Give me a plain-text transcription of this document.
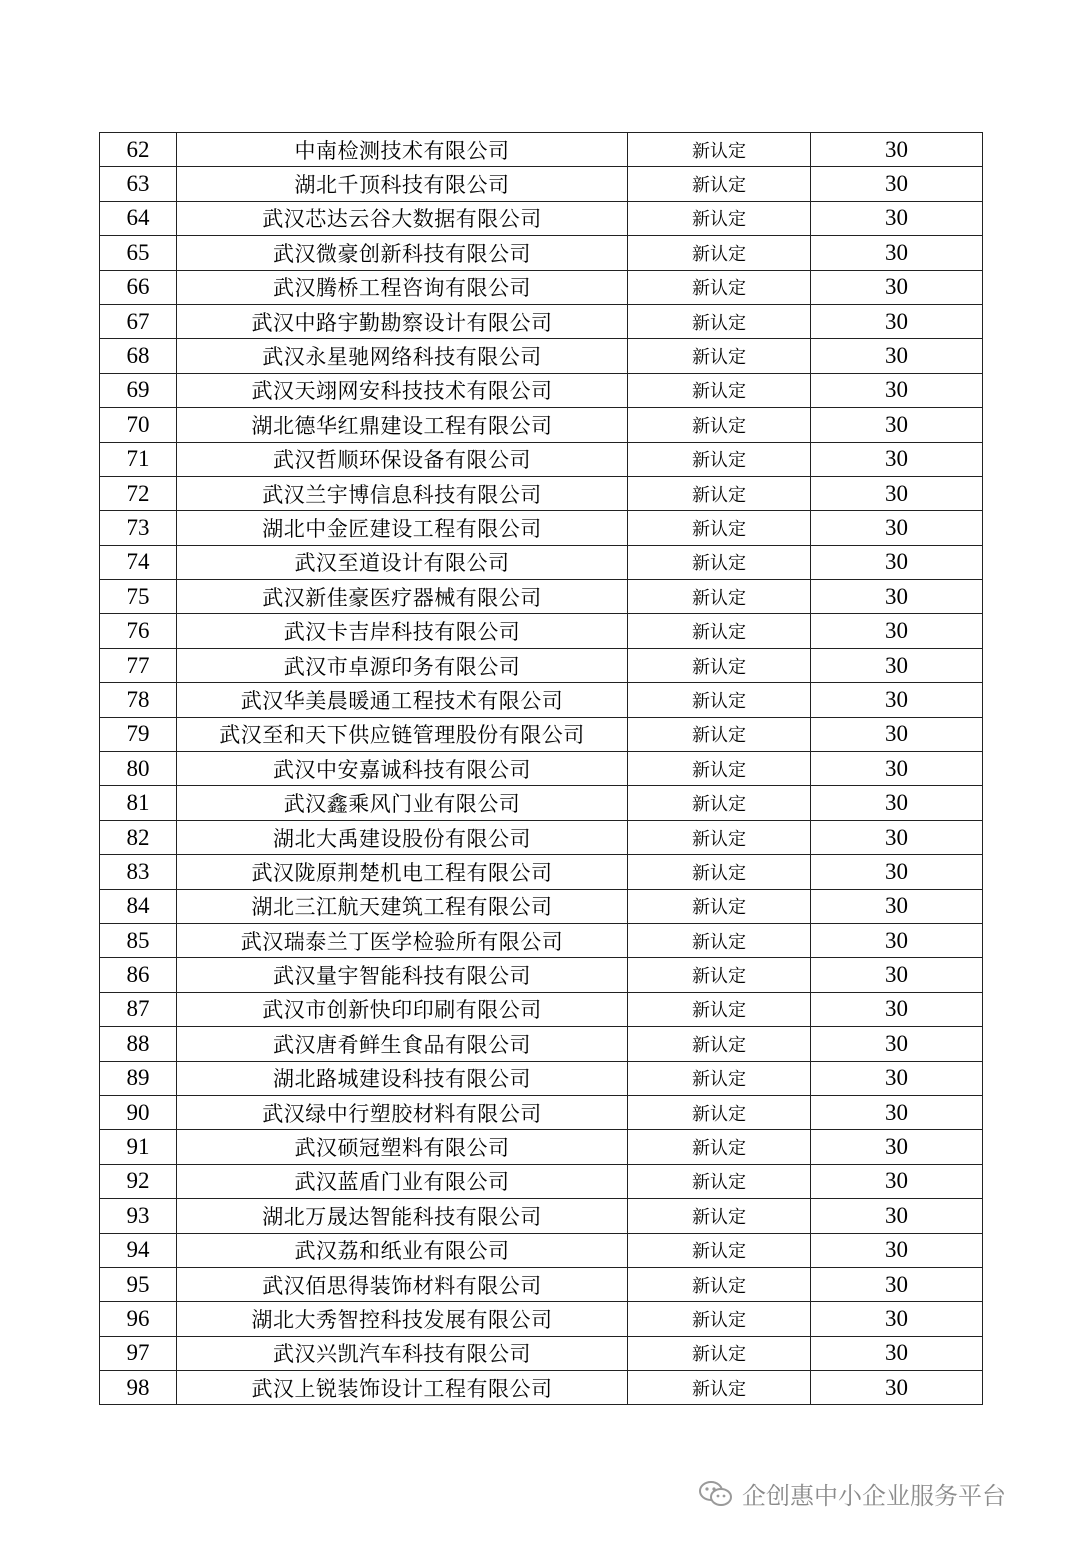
62	中南检测技术有限公司	新认定	30
63	湖北千顶科技有限公司	新认定	30
64	武汉芯达云谷大数据有限公司	新认定	30
65	武汉微豪创新科技有限公司	新认定	30
66	武汉腾桥工程咨询有限公司	新认定	30
67	武汉中路宇勤勘察设计有限公司	新认定	30
68	武汉永星驰网络科技有限公司	新认定	30
69	武汉天翊网安科技技术有限公司	新认定	30
70	湖北德华红鼎建设工程有限公司	新认定	30
71	武汉哲顺环保设备有限公司	新认定	30
72	武汉兰宇博信息科技有限公司	新认定	30
73	湖北中金匠建设工程有限公司	新认定	30
74	武汉至道设计有限公司	新认定	30
75	武汉新佳豪医疗器械有限公司	新认定	30
76	武汉卡吉岸科技有限公司	新认定	30
77	武汉市卓源印务有限公司	新认定	30
78	武汉华美晨暖通工程技术有限公司	新认定	30
79	武汉至和天下供应链管理股份有限公司	新认定	30
80	武汉中安嘉诚科技有限公司	新认定	30
81	武汉鑫乘风门业有限公司	新认定	30
82	湖北大禹建设股份有限公司	新认定	30
83	武汉陇原荆楚机电工程有限公司	新认定	30
84	湖北三江航天建筑工程有限公司	新认定	30
85	武汉瑞泰兰丁医学检验所有限公司	新认定	30
86	武汉量宇智能科技有限公司	新认定	30
87	武汉市创新快印印刷有限公司	新认定	30
88	武汉唐肴鲜生食品有限公司	新认定	30
89	湖北路城建设科技有限公司	新认定	30
90	武汉绿中行塑胶材料有限公司	新认定	30
91	武汉硕冠塑料有限公司	新认定	30
92	武汉蓝盾门业有限公司	新认定	30
93	湖北万晟达智能科技有限公司	新认定	30
94	武汉荔和纸业有限公司	新认定	30
95	武汉佰思得装饰材料有限公司	新认定	30
96	湖北大秀智控科技发展有限公司	新认定	30
97	武汉兴凯汽车科技有限公司	新认定	30
98	武汉上锐装饰设计工程有限公司	新认定	30
企创惠中小企业服务平台
